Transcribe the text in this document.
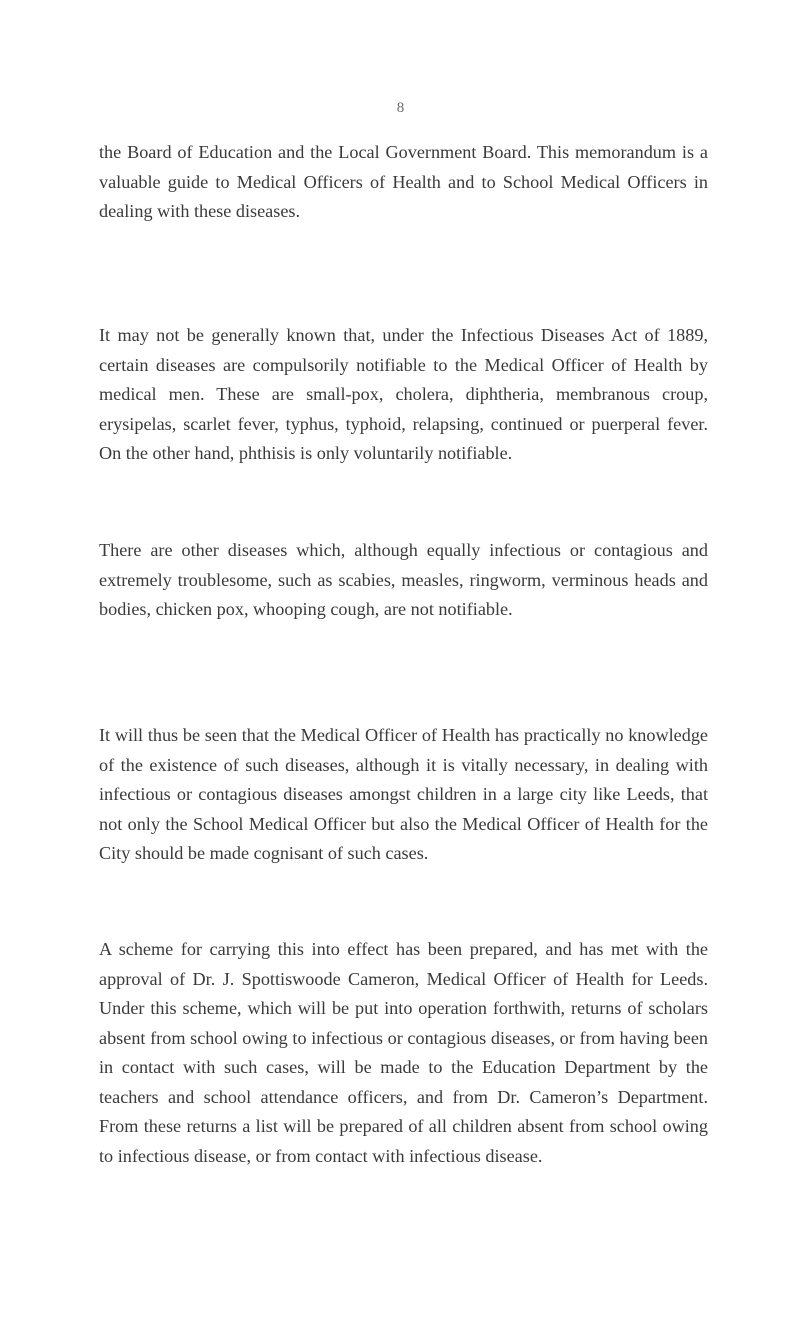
8

the Board of Education and the Local Government Board. This memorandum is a valuable guide to Medical Officers of Health and to School Medical Officers in dealing with these diseases.

It may not be generally known that, under the Infectious Diseases Act of 1889, certain diseases are compulsorily notifiable to the Medical Officer of Health by medical men. These are small-pox, cholera, diphtheria, membranous croup, erysipelas, scarlet fever, typhus, typhoid, relapsing, continued or puerperal fever. On the other hand, phthisis is only voluntarily notifiable.

There are other diseases which, although equally infectious or contagious and extremely troublesome, such as scabies, measles, ringworm, verminous heads and bodies, chicken pox, whooping cough, are not notifiable.

It will thus be seen that the Medical Officer of Health has practically no knowledge of the existence of such diseases, although it is vitally necessary, in dealing with infectious or contagious diseases amongst children in a large city like Leeds, that not only the School Medical Officer but also the Medical Officer of Health for the City should be made cognisant of such cases.

A scheme for carrying this into effect has been prepared, and has met with the approval of Dr. J. Spottiswoode Cameron, Medical Officer of Health for Leeds. Under this scheme, which will be put into operation forthwith, returns of scholars absent from school owing to infectious or contagious diseases, or from having been in contact with such cases, will be made to the Education Department by the teachers and school attendance officers, and from Dr. Cameron’s Department. From these returns a list will be prepared of all children absent from school owing to infectious disease, or from contact with infectious disease.
